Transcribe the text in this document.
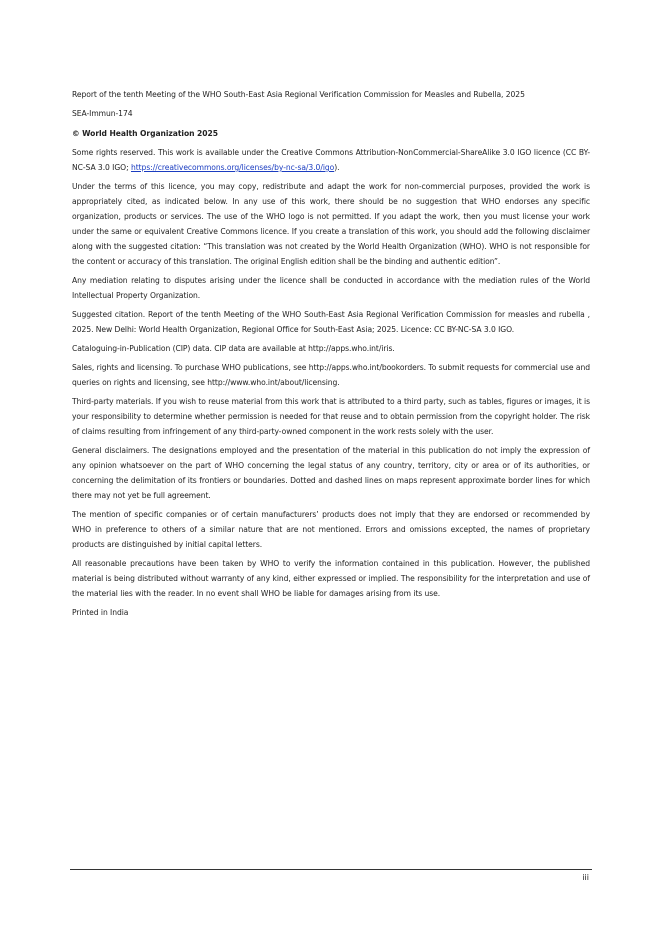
Report of the tenth Meeting of the WHO South-East Asia Regional Verification Commission for Measles and Rubella, 2025

SEA-Immun-174

© World Health Organization 2025

Some rights reserved. This work is available under the Creative Commons Attribution-NonCommercial-ShareAlike 3.0 IGO licence (CC BY-NC-SA 3.0 IGO; https://creativecommons.org/licenses/by-nc-sa/3.0/igo).

Under the terms of this licence, you may copy, redistribute and adapt the work for non-commercial purposes, provided the work is appropriately cited, as indicated below. In any use of this work, there should be no suggestion that WHO endorses any specific organization, products or services. The use of the WHO logo is not permitted. If you adapt the work, then you must license your work under the same or equivalent Creative Commons licence. If you create a translation of this work, you should add the following disclaimer along with the suggested citation: “This translation was not created by the World Health Organization (WHO). WHO is not responsible for the content or accuracy of this translation. The original English edition shall be the binding and authentic edition”.

Any mediation relating to disputes arising under the licence shall be conducted in accordance with the mediation rules of the World Intellectual Property Organization.

Suggested citation. Report of the tenth Meeting of the WHO South-East Asia Regional Verification Commission for measles and rubella , 2025. New Delhi: World Health Organization, Regional Office for South-East Asia; 2025. Licence: CC BY-NC-SA 3.0 IGO.

Cataloguing-in-Publication (CIP) data. CIP data are available at http://apps.who.int/iris.

Sales, rights and licensing. To purchase WHO publications, see http://apps.who.int/bookorders. To submit requests for commercial use and queries on rights and licensing, see http://www.who.int/about/licensing.

Third-party materials. If you wish to reuse material from this work that is attributed to a third party, such as tables, figures or images, it is your responsibility to determine whether permission is needed for that reuse and to obtain permission from the copyright holder. The risk of claims resulting from infringement of any third-party-owned component in the work rests solely with the user.

General disclaimers. The designations employed and the presentation of the material in this publication do not imply the expression of any opinion whatsoever on the part of WHO concerning the legal status of any country, territory, city or area or of its authorities, or concerning the delimitation of its frontiers or boundaries. Dotted and dashed lines on maps represent approximate border lines for which there may not yet be full agreement.

The mention of specific companies or of certain manufacturers’ products does not imply that they are endorsed or recommended by WHO in preference to others of a similar nature that are not mentioned. Errors and omissions excepted, the names of proprietary products are distinguished by initial capital letters.

All reasonable precautions have been taken by WHO to verify the information contained in this publication. However, the published material is being distributed without warranty of any kind, either expressed or implied. The responsibility for the interpretation and use of the material lies with the reader. In no event shall WHO be liable for damages arising from its use.

Printed in India

iii
